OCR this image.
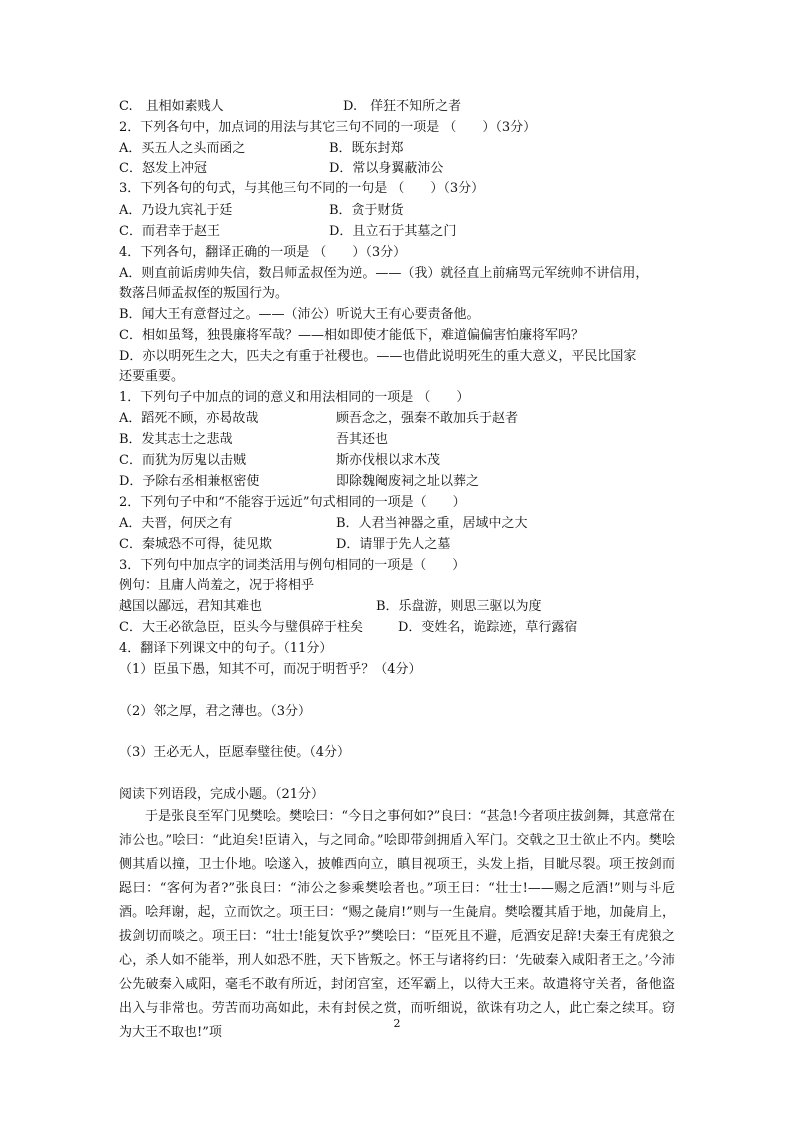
C.　且相如素贱人	D.　佯狂不知所之者
2．下列各句中，加点词的用法与其它三句不同的一项是 （　　）（3分）
A．买五人之头而函之	B．既东封郑
C．怒发上冲冠	D．常以身翼蔽沛公
3．下列各句的句式，与其他三句不同的一句是 （　　）（3分）
A．乃设九宾礼于廷	B．贪于财货
C．而君幸于赵王	D．且立石于其墓之门
4．下列各句，翻译正确的一项是 （　　）（3分）
A．则直前诟虏帅失信，数吕师孟叔侄为逆。——（我）就径直上前痛骂元军统帅不讲信用，
数落吕师孟叔侄的叛国行为。
B．闻大王有意督过之。——（沛公）听说大王有心要责备他。
C．相如虽驽，独畏廉将军哉？——相如即使才能低下，难道偏偏害怕廉将军吗？
D．亦以明死生之大，匹夫之有重于社稷也。——也借此说明死生的重大意义，平民比国家
还要重要。
1．下列句子中加点的词的意义和用法相同的一项是 （　　）
A．蹈死不顾，亦曷故哉	顾吾念之，强秦不敢加兵于赵者
B．发其志士之悲哉	吾其还也
C．而犹为厉鬼以击贼	斯亦伐根以求木茂
D．予除右丞相兼枢密使	即除魏阉废祠之址以葬之
2．下列句子中和“不能容于远近”句式相同的一项是（　　）
A．夫晋，何厌之有	B．人君当神器之重，居域中之大
C．秦城恐不可得，徒见欺	D．请罪于先人之墓
3．下列句中加点字的词类活用与例句相同的一项是（　　）
例句：且庸人尚羞之，况于将相乎
越国以鄙远，君知其难也	B．乐盘游，则思三驱以为度
C．大王必欲急臣，臣头今与璧俱碎于柱矣	D．变姓名，诡踪迹，草行露宿
4．翻译下列课文中的句子。（11分）
（1）臣虽下愚，知其不可，而况于明哲乎？（4分）
（2）邻之厚，君之薄也。（3分）
（3）王必无人，臣愿奉璧往使。（4分）
阅读下列语段，完成小题。（21分）
于是张良至军门见樊哙。樊哙曰：“今日之事何如?”良曰：“甚急!今者项庄拔剑舞，其意常在沛公也。”哙曰：“此迫矣!臣请入，与之同命。”哙即带剑拥盾入军门。交戟之卫士欲止不内。樊哙侧其盾以撞，卫士仆地。哙遂入，披帷西向立，瞋目视项王，头发上指，目眦尽裂。项王按剑而跽曰：“客何为者?”张良曰：“沛公之参乘樊哙者也。”项王曰：“壮士!——赐之卮酒!”则与斗卮酒。哙拜谢，起，立而饮之。项王曰：“赐之彘肩!”则与一生彘肩。樊哙覆其盾于地，加彘肩上，拔剑切而啖之。项王曰：“壮士!能复饮乎?”樊哙曰：“臣死且不避，卮酒安足辞!夫秦王有虎狼之心，杀人如不能举，刑人如恐不胜，天下皆叛之。怀王与诸将约曰：‘先破秦入咸阳者王之。’今沛公先破秦入咸阳，毫毛不敢有所近，封闭宫室，还军霸上，以待大王来。故遣将守关者，备他盗出入与非常也。劳苦而功高如此，未有封侯之赏，而听细说，欲诛有功之人，此亡秦之续耳。窃为大王不取也!”项
2
